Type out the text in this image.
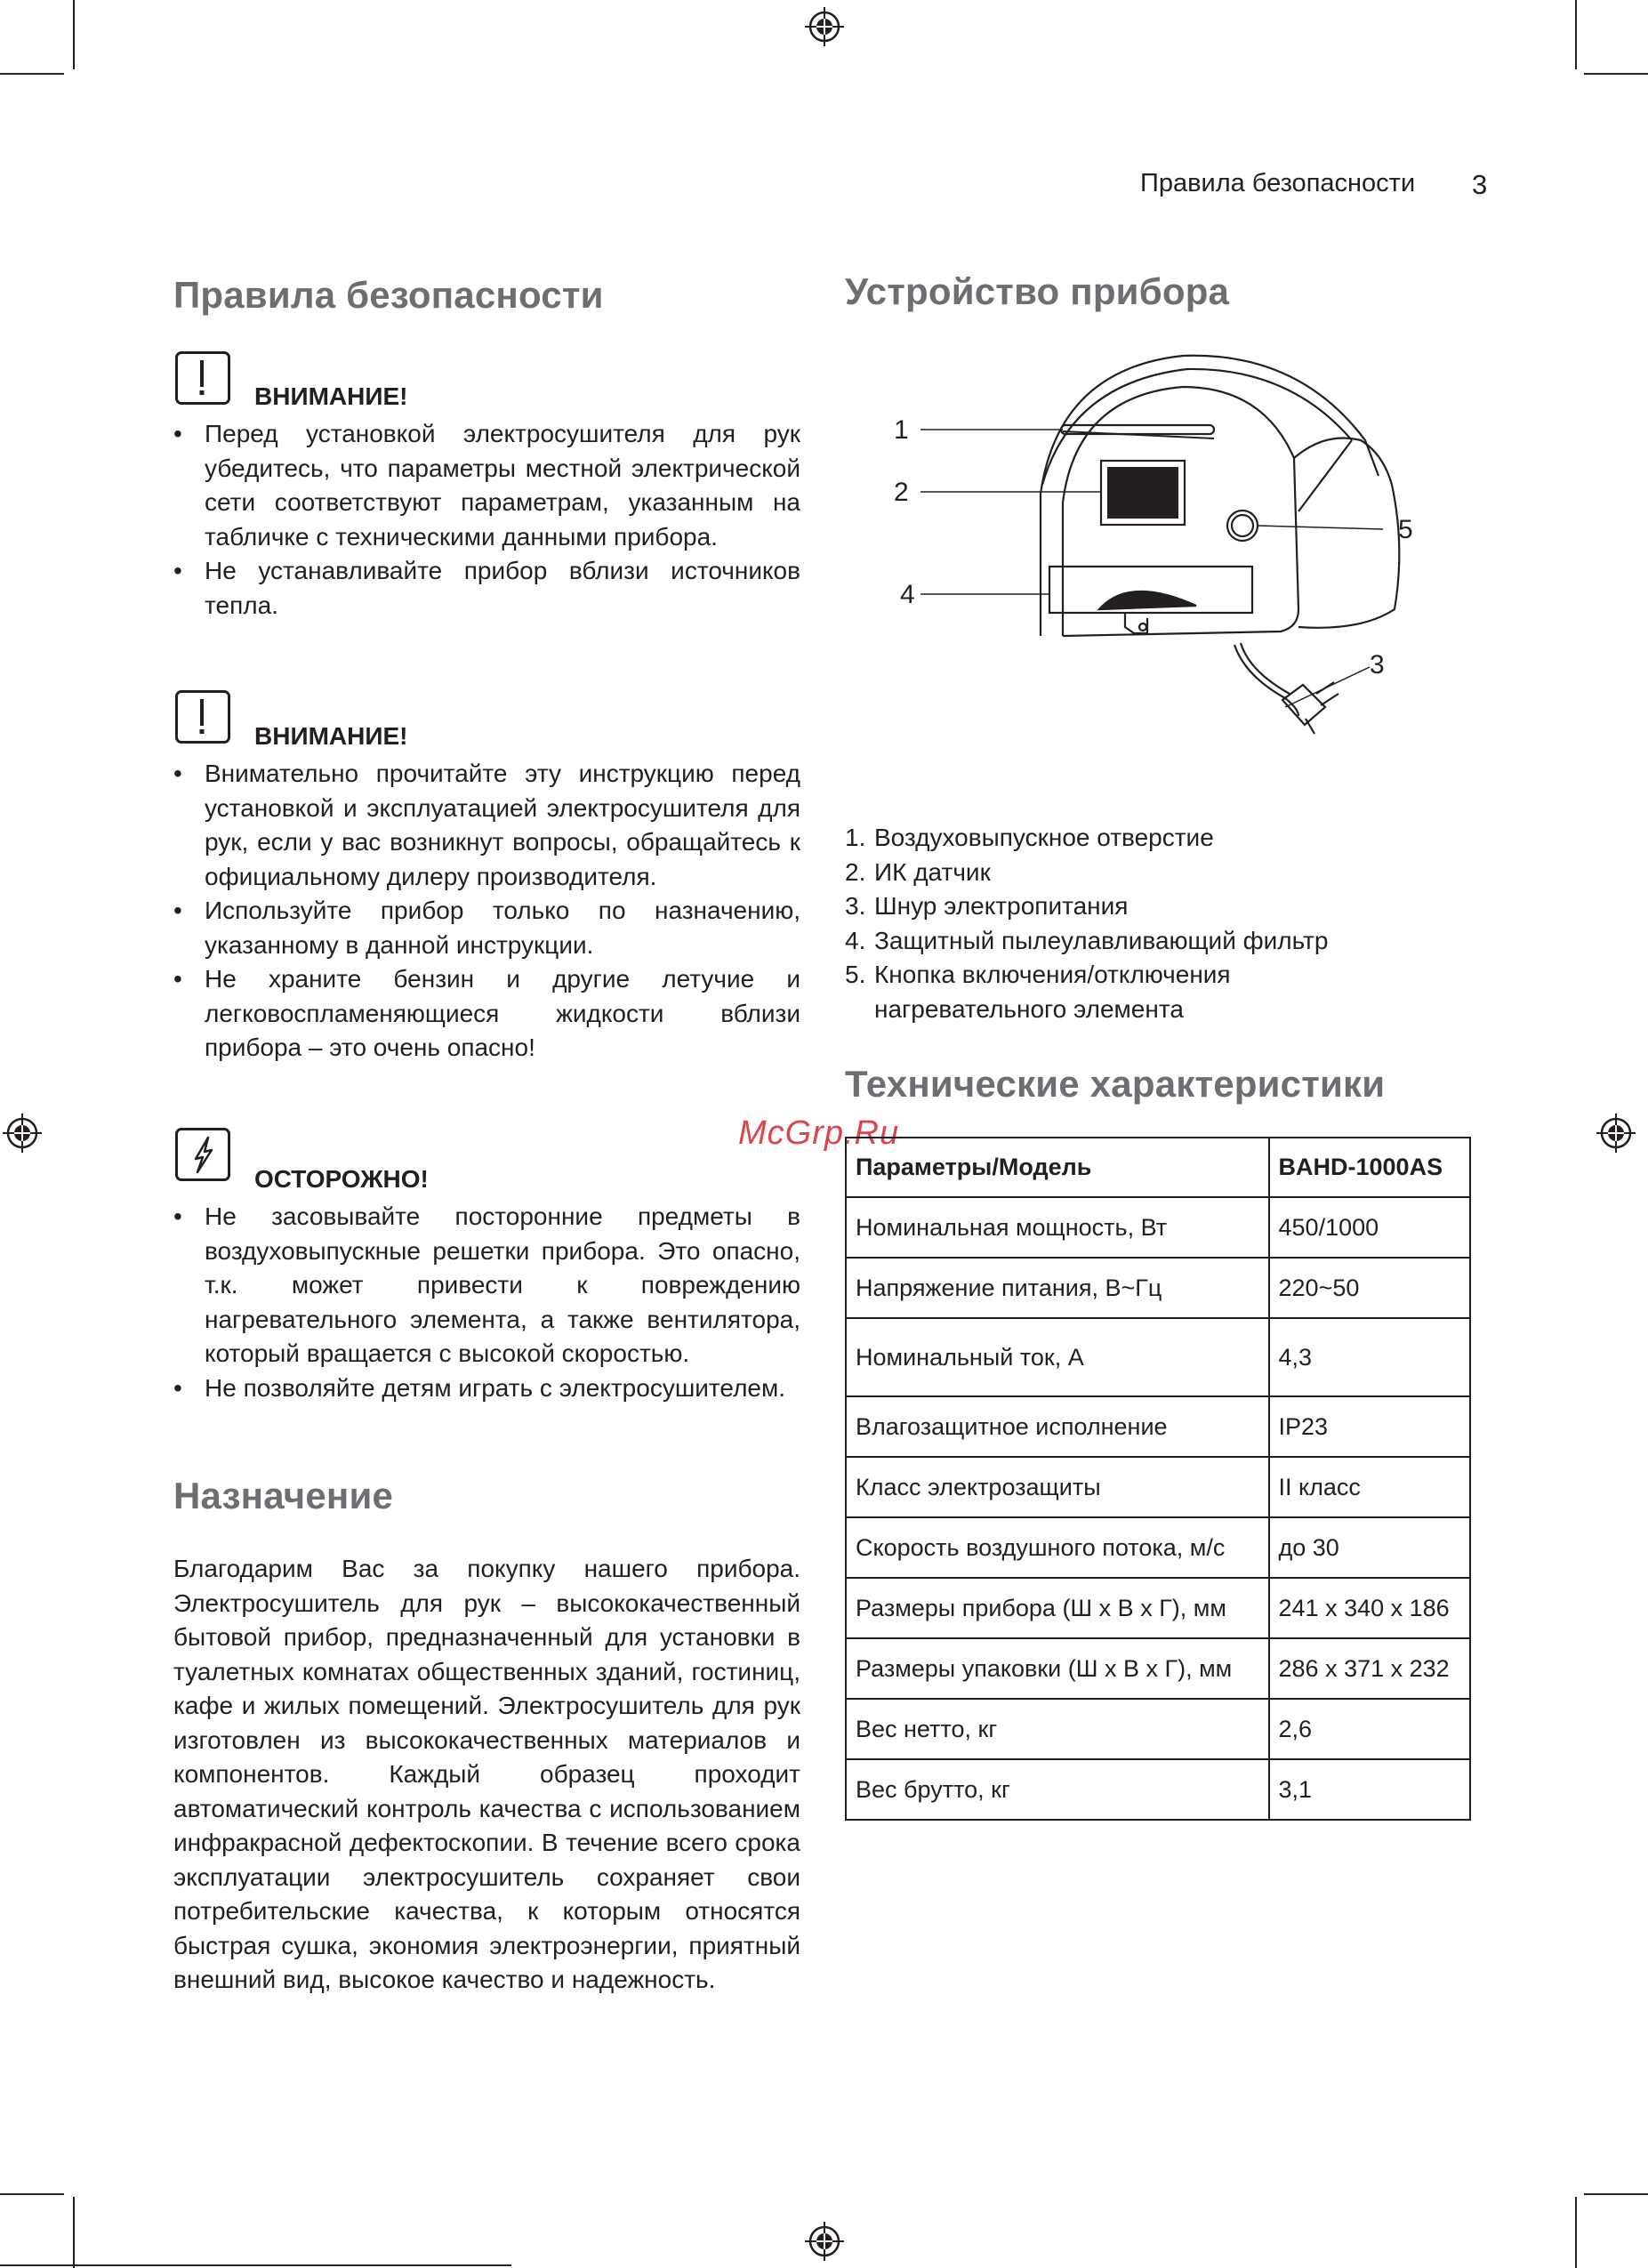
Правила безопасности 3
Правила безопасности
ВНИМАНИЕ!
• Перед установкой электросушителя для рук убедитесь, что параметры местной электрической сети соответствуют параметрам, указанным на табличке с техническими данными прибора.
• Не устанавливайте прибор вблизи источников тепла.
ВНИМАНИЕ!
• Внимательно прочитайте эту инструкцию перед установкой и эксплуатацией электросушителя для рук, если у вас возникнут вопросы, обращайтесь к официальному дилеру производителя.
• Используйте прибор только по назначению, указанному в данной инструкции.
• Не храните бензин и другие летучие и легковоспламеняющиеся жидкости вблизи прибора – это очень опасно!
ОСТОРОЖНО!
• Не засовывайте посторонние предметы в воздуховыпускные решетки прибора. Это опасно, т.к. может привести к повреждению нагревательного элемента, а также вентилятора, который вращается с высокой скоростью.
• Не позволяйте детям играть с электросушителем.
Назначение
Благодарим Вас за покупку нашего прибора. Электросушитель для рук – высококачественный бытовой прибор, предназначенный для установки в туалетных комнатах общественных зданий, гостиниц, кафе и жилых помещений. Электросушитель для рук изготовлен из высококачественных материалов и компонентов. Каждый образец проходит автоматический контроль качества с использованием инфракрасной дефектоскопии. В течение всего срока эксплуатации электросушитель сохраняет свои потребительские качества, к которым относятся быстрая сушка, экономия электроэнергии, приятный внешний вид, высокое качество и надежность.
Устройство прибора
1
2
4
5
3
1. Воздуховыпускное отверстие
2. ИК датчик
3. Шнур электропитания
4. Защитный пылеулавливающий фильтр
5. Кнопка включения/отключения нагревательного элемента
Технические характеристики
McGrp.Ru
Параметры/Модель	BAHD-1000AS
Номинальная мощность, Вт	450/1000
Напряжение питания, В~Гц	220~50
Номинальный ток, А	4,3
Влагозащитное исполнение	IP23
Класс электрозащиты	II класс
Скорость воздушного потока, м/с	до 30
Размеры прибора (Ш x В x Г), мм	241 x 340 x 186
Размеры упаковки (Ш x В x Г), мм	286 x 371 x 232
Вес нетто, кг	2,6
Вес брутто, кг	3,1
